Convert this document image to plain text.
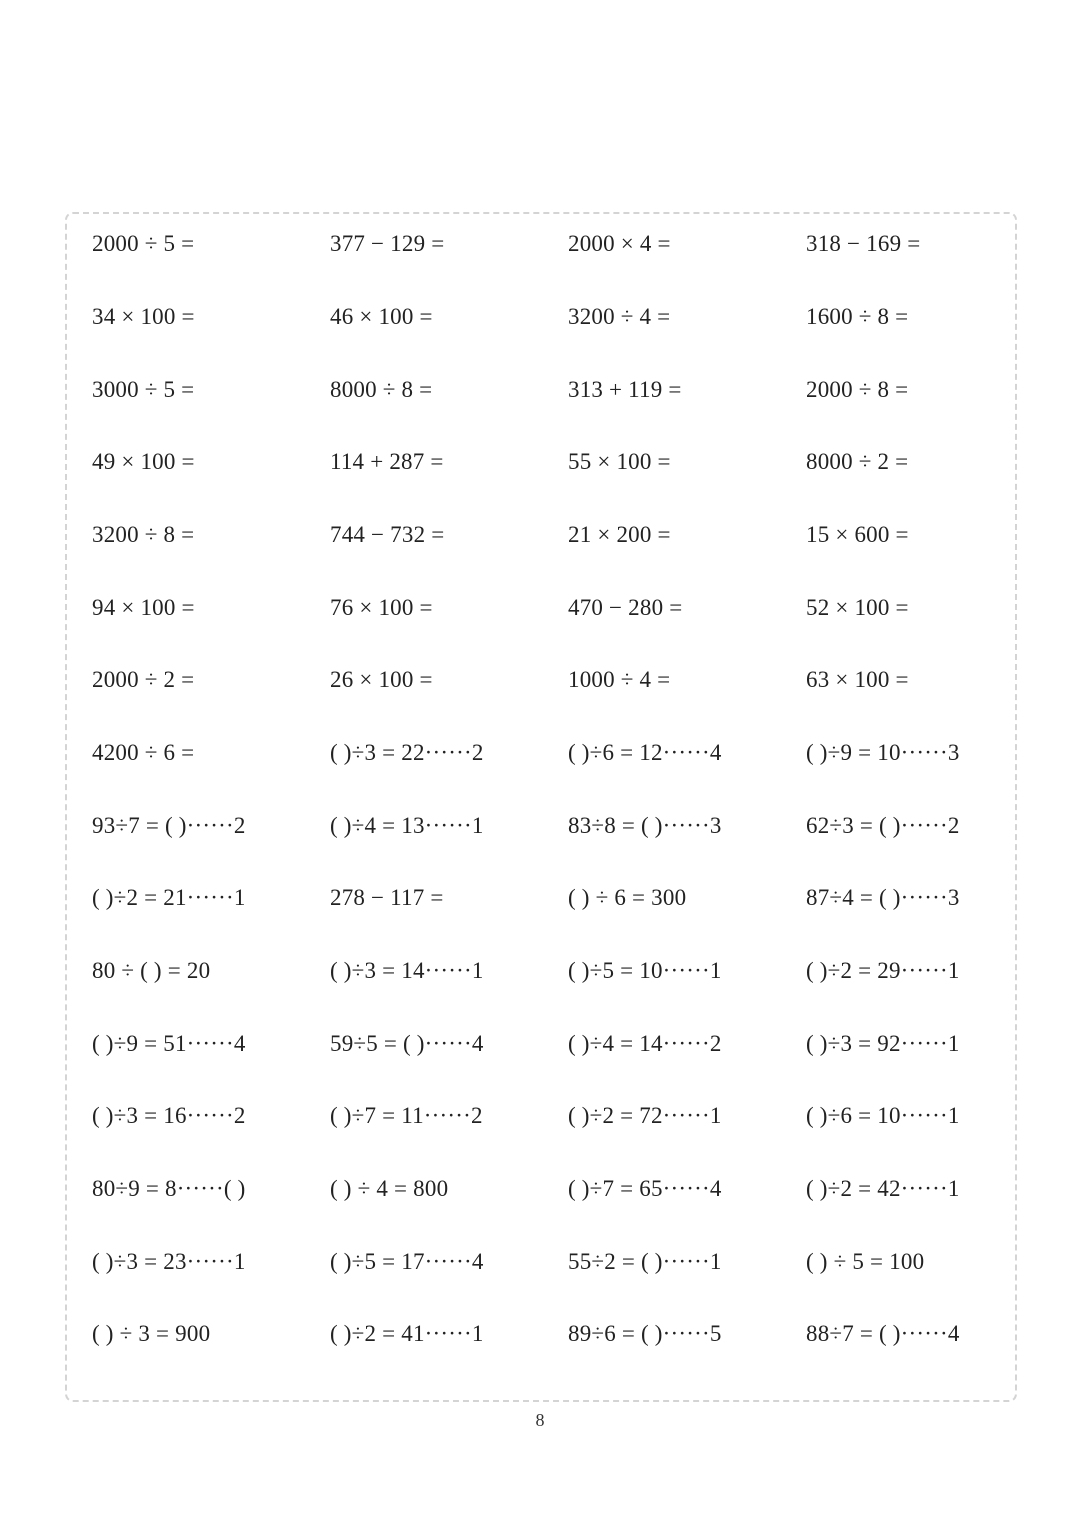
2000 ÷ 5 =	377 − 129 =	2000 × 4 =	318 − 169 =
34 × 100 =	46 × 100 =	3200 ÷ 4 =	1600 ÷ 8 =
3000 ÷ 5 =	8000 ÷ 8 =	313 + 119 =	2000 ÷ 8 =
49 × 100 =	114 + 287 =	55 × 100 =	8000 ÷ 2 =
3200 ÷ 8 =	744 − 732 =	21 × 200 =	15 × 600 =
94 × 100 =	76 × 100 =	470 − 280 =	52 × 100 =
2000 ÷ 2 =	26 × 100 =	1000 ÷ 4 =	63 × 100 =
4200 ÷ 6 =	( )÷3 = 22······2	( )÷6 = 12······4	( )÷9 = 10······3
93÷7 = ( )······2	( )÷4 = 13······1	83÷8 = ( )······3	62÷3 = ( )······2
( )÷2 = 21······1	278 − 117 =	( ) ÷ 6 = 300	87÷4 = ( )······3
80 ÷ ( ) = 20	( )÷3 = 14······1	( )÷5 = 10······1	( )÷2 = 29······1
( )÷9 = 51······4	59÷5 = ( )······4	( )÷4 = 14······2	( )÷3 = 92······1
( )÷3 = 16······2	( )÷7 = 11······2	( )÷2 = 72······1	( )÷6 = 10······1
80÷9 = 8······( )	( ) ÷ 4 = 800	( )÷7 = 65······4	( )÷2 = 42······1
( )÷3 = 23······1	( )÷5 = 17······4	55÷2 = ( )······1	( ) ÷ 5 = 100
( ) ÷ 3 = 900	( )÷2 = 41······1	89÷6 = ( )······5	88÷7 = ( )······4
8
